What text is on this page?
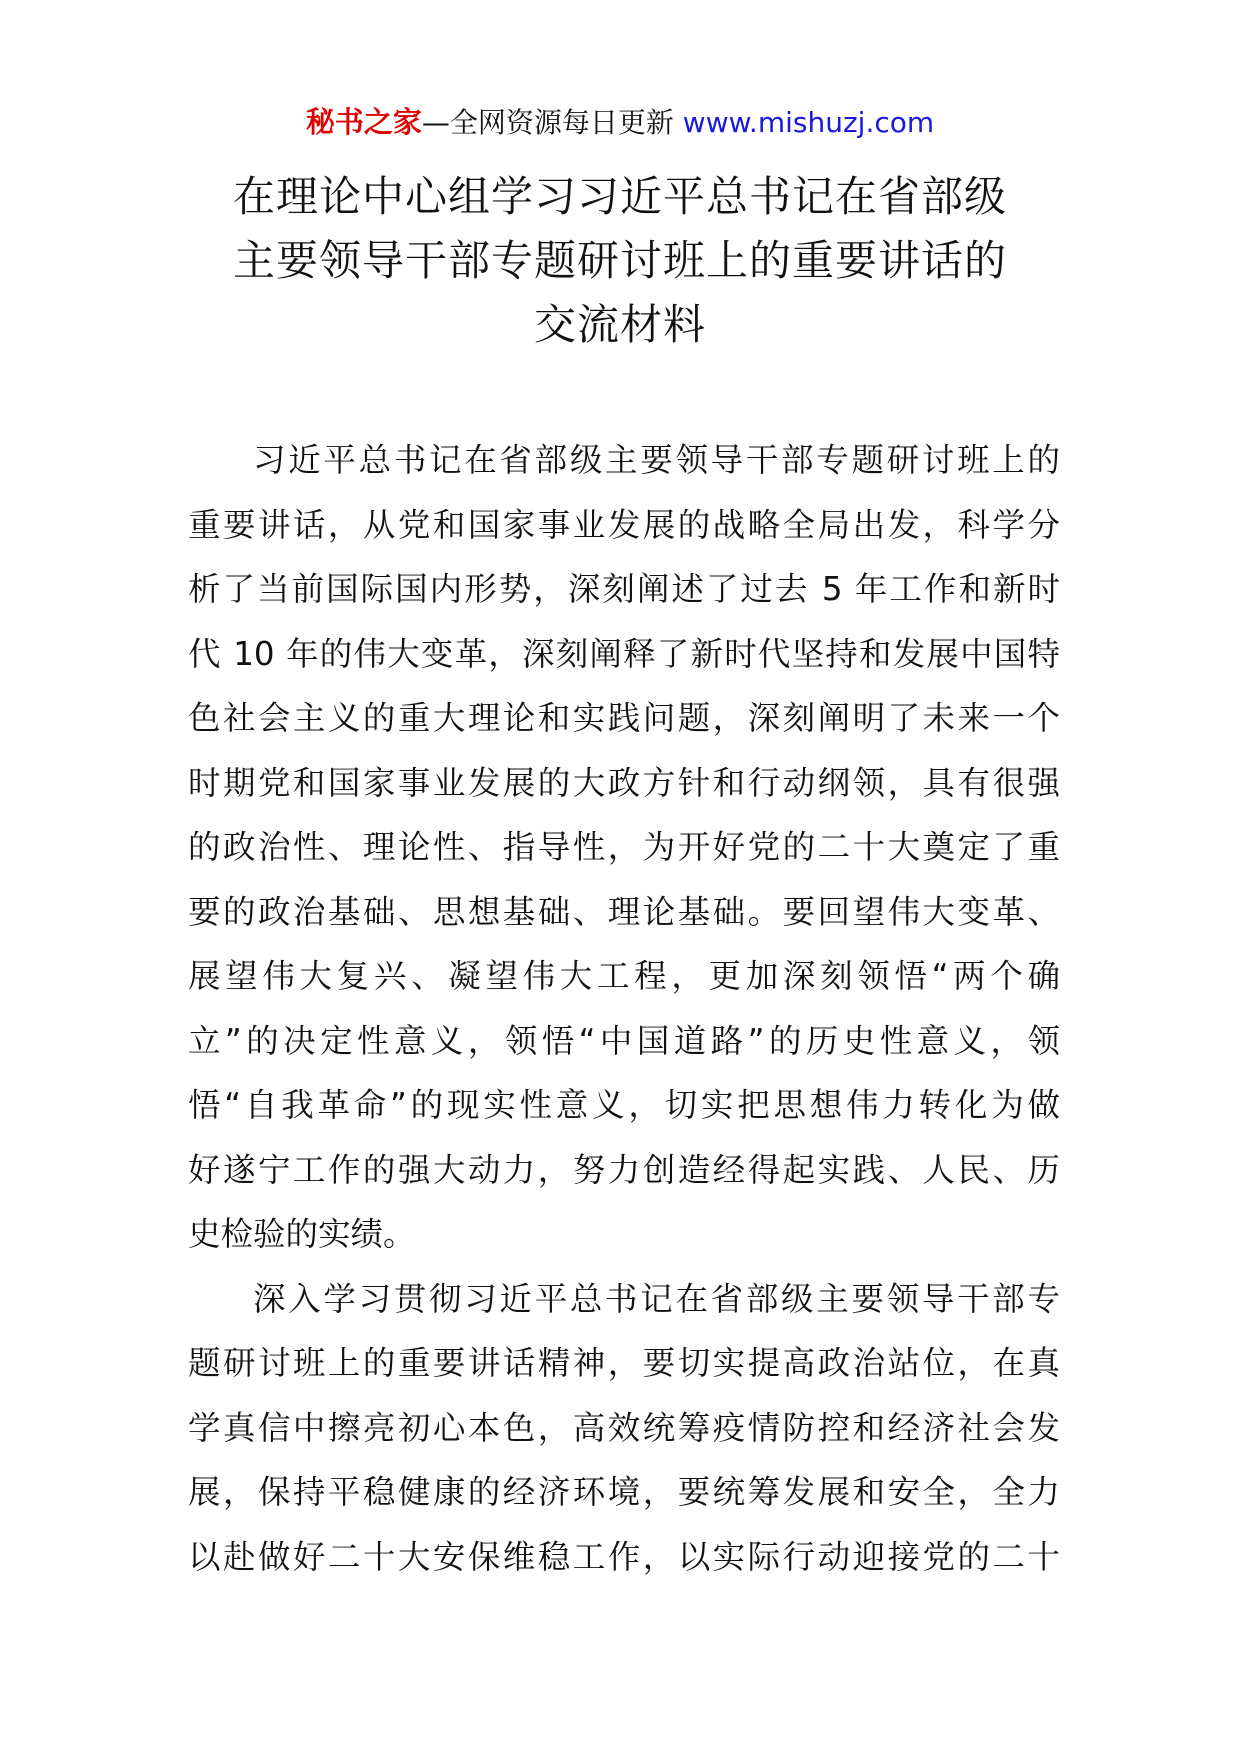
秘书之家—全网资源每日更新 www.mishuzj.com
在理论中心组学习习近平总书记在省部级
主要领导干部专题研讨班上的重要讲话的
交流材料
习近平总书记在省部级主要领导干部专题研讨班上的
重要讲话，从党和国家事业发展的战略全局出发，科学分
析了当前国际国内形势，深刻阐述了过去 5 年工作和新时
代 10 年的伟大变革，深刻阐释了新时代坚持和发展中国特
色社会主义的重大理论和实践问题，深刻阐明了未来一个
时期党和国家事业发展的大政方针和行动纲领，具有很强
的政治性、理论性、指导性，为开好党的二十大奠定了重
要的政治基础、思想基础、理论基础。要回望伟大变革、
展望伟大复兴、凝望伟大工程，更加深刻领悟“两个确
立”的决定性意义，领悟“中国道路”的历史性意义，领
悟“自我革命”的现实性意义，切实把思想伟力转化为做
好遂宁工作的强大动力，努力创造经得起实践、人民、历
史检验的实绩。
深入学习贯彻习近平总书记在省部级主要领导干部专
题研讨班上的重要讲话精神，要切实提高政治站位，在真
学真信中擦亮初心本色，高效统筹疫情防控和经济社会发
展，保持平稳健康的经济环境，要统筹发展和安全，全力
以赴做好二十大安保维稳工作，以实际行动迎接党的二十
